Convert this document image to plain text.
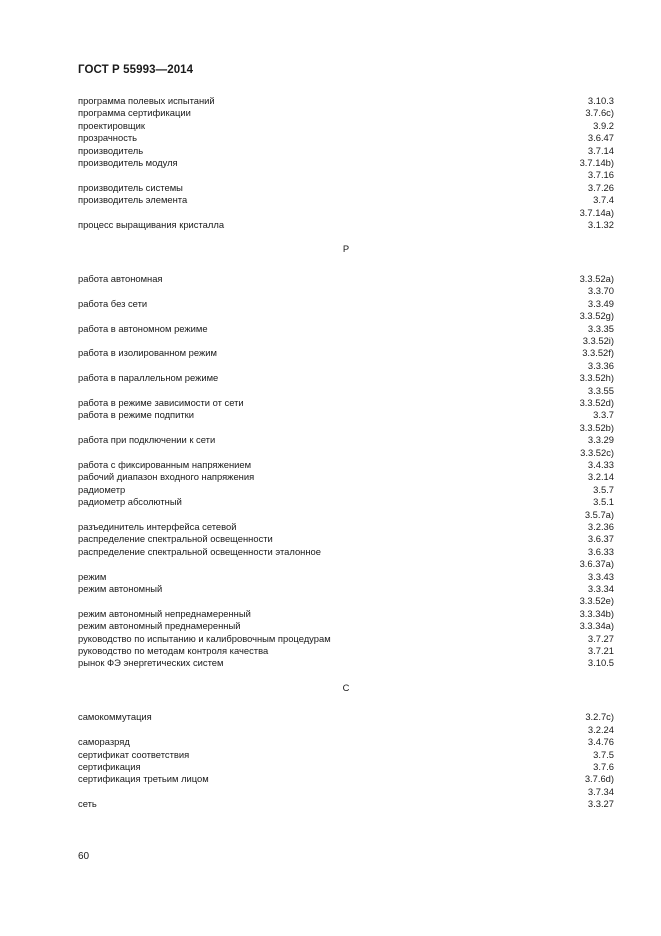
ГОСТ Р 55993—2014
программа полевых испытаний	3.10.3
программа сертификации	3.7.6с)
проектировщик	3.9.2
прозрачность	3.6.47
производитель	3.7.14
производитель модуля	3.7.14b)
3.7.16
производитель системы	3.7.26
производитель элемента	3.7.4
3.7.14а)
процесс выращивания кристалла	3.1.32
Р
работа автономная	3.3.52а)
3.3.70
работа без сети	3.3.49
3.3.52g)
работа в автономном режиме	3.3.35
3.3.52i)
работа в изолированном режим	3.3.52f)
3.3.36
работа в параллельном режиме	3.3.52h)
3.3.55
работа в режиме зависимости от сети	3.3.52d)
работа в режиме подпитки	3.3.7
3.3.52b)
работа при подключении к сети	3.3.29
3.3.52с)
работа с фиксированным напряжением	3.4.33
рабочий диапазон входного напряжения	3.2.14
радиометр	3.5.7
радиометр абсолютный	3.5.1
3.5.7а)
разъединитель интерфейса сетевой	3.2.36
распределение спектральной освещенности	3.6.37
распределение спектральной освещенности эталонное	3.6.33
3.6.37а)
режим	3.3.43
режим автономный	3.3.34
3.3.52е)
режим автономный непреднамеренный	3.3.34b)
режим автономный преднамеренный	3.3.34а)
руководство по испытанию и калибровочным процедурам	3.7.27
руководство по методам контроля качества	3.7.21
рынок ФЭ энергетических систем	3.10.5
С
самокоммутация	3.2.7с)
3.2.24
саморазряд	3.4.76
сертификат соответствия	3.7.5
сертификация	3.7.6
сертификация третьим лицом	3.7.6d)
3.7.34
сеть	3.3.27
60
